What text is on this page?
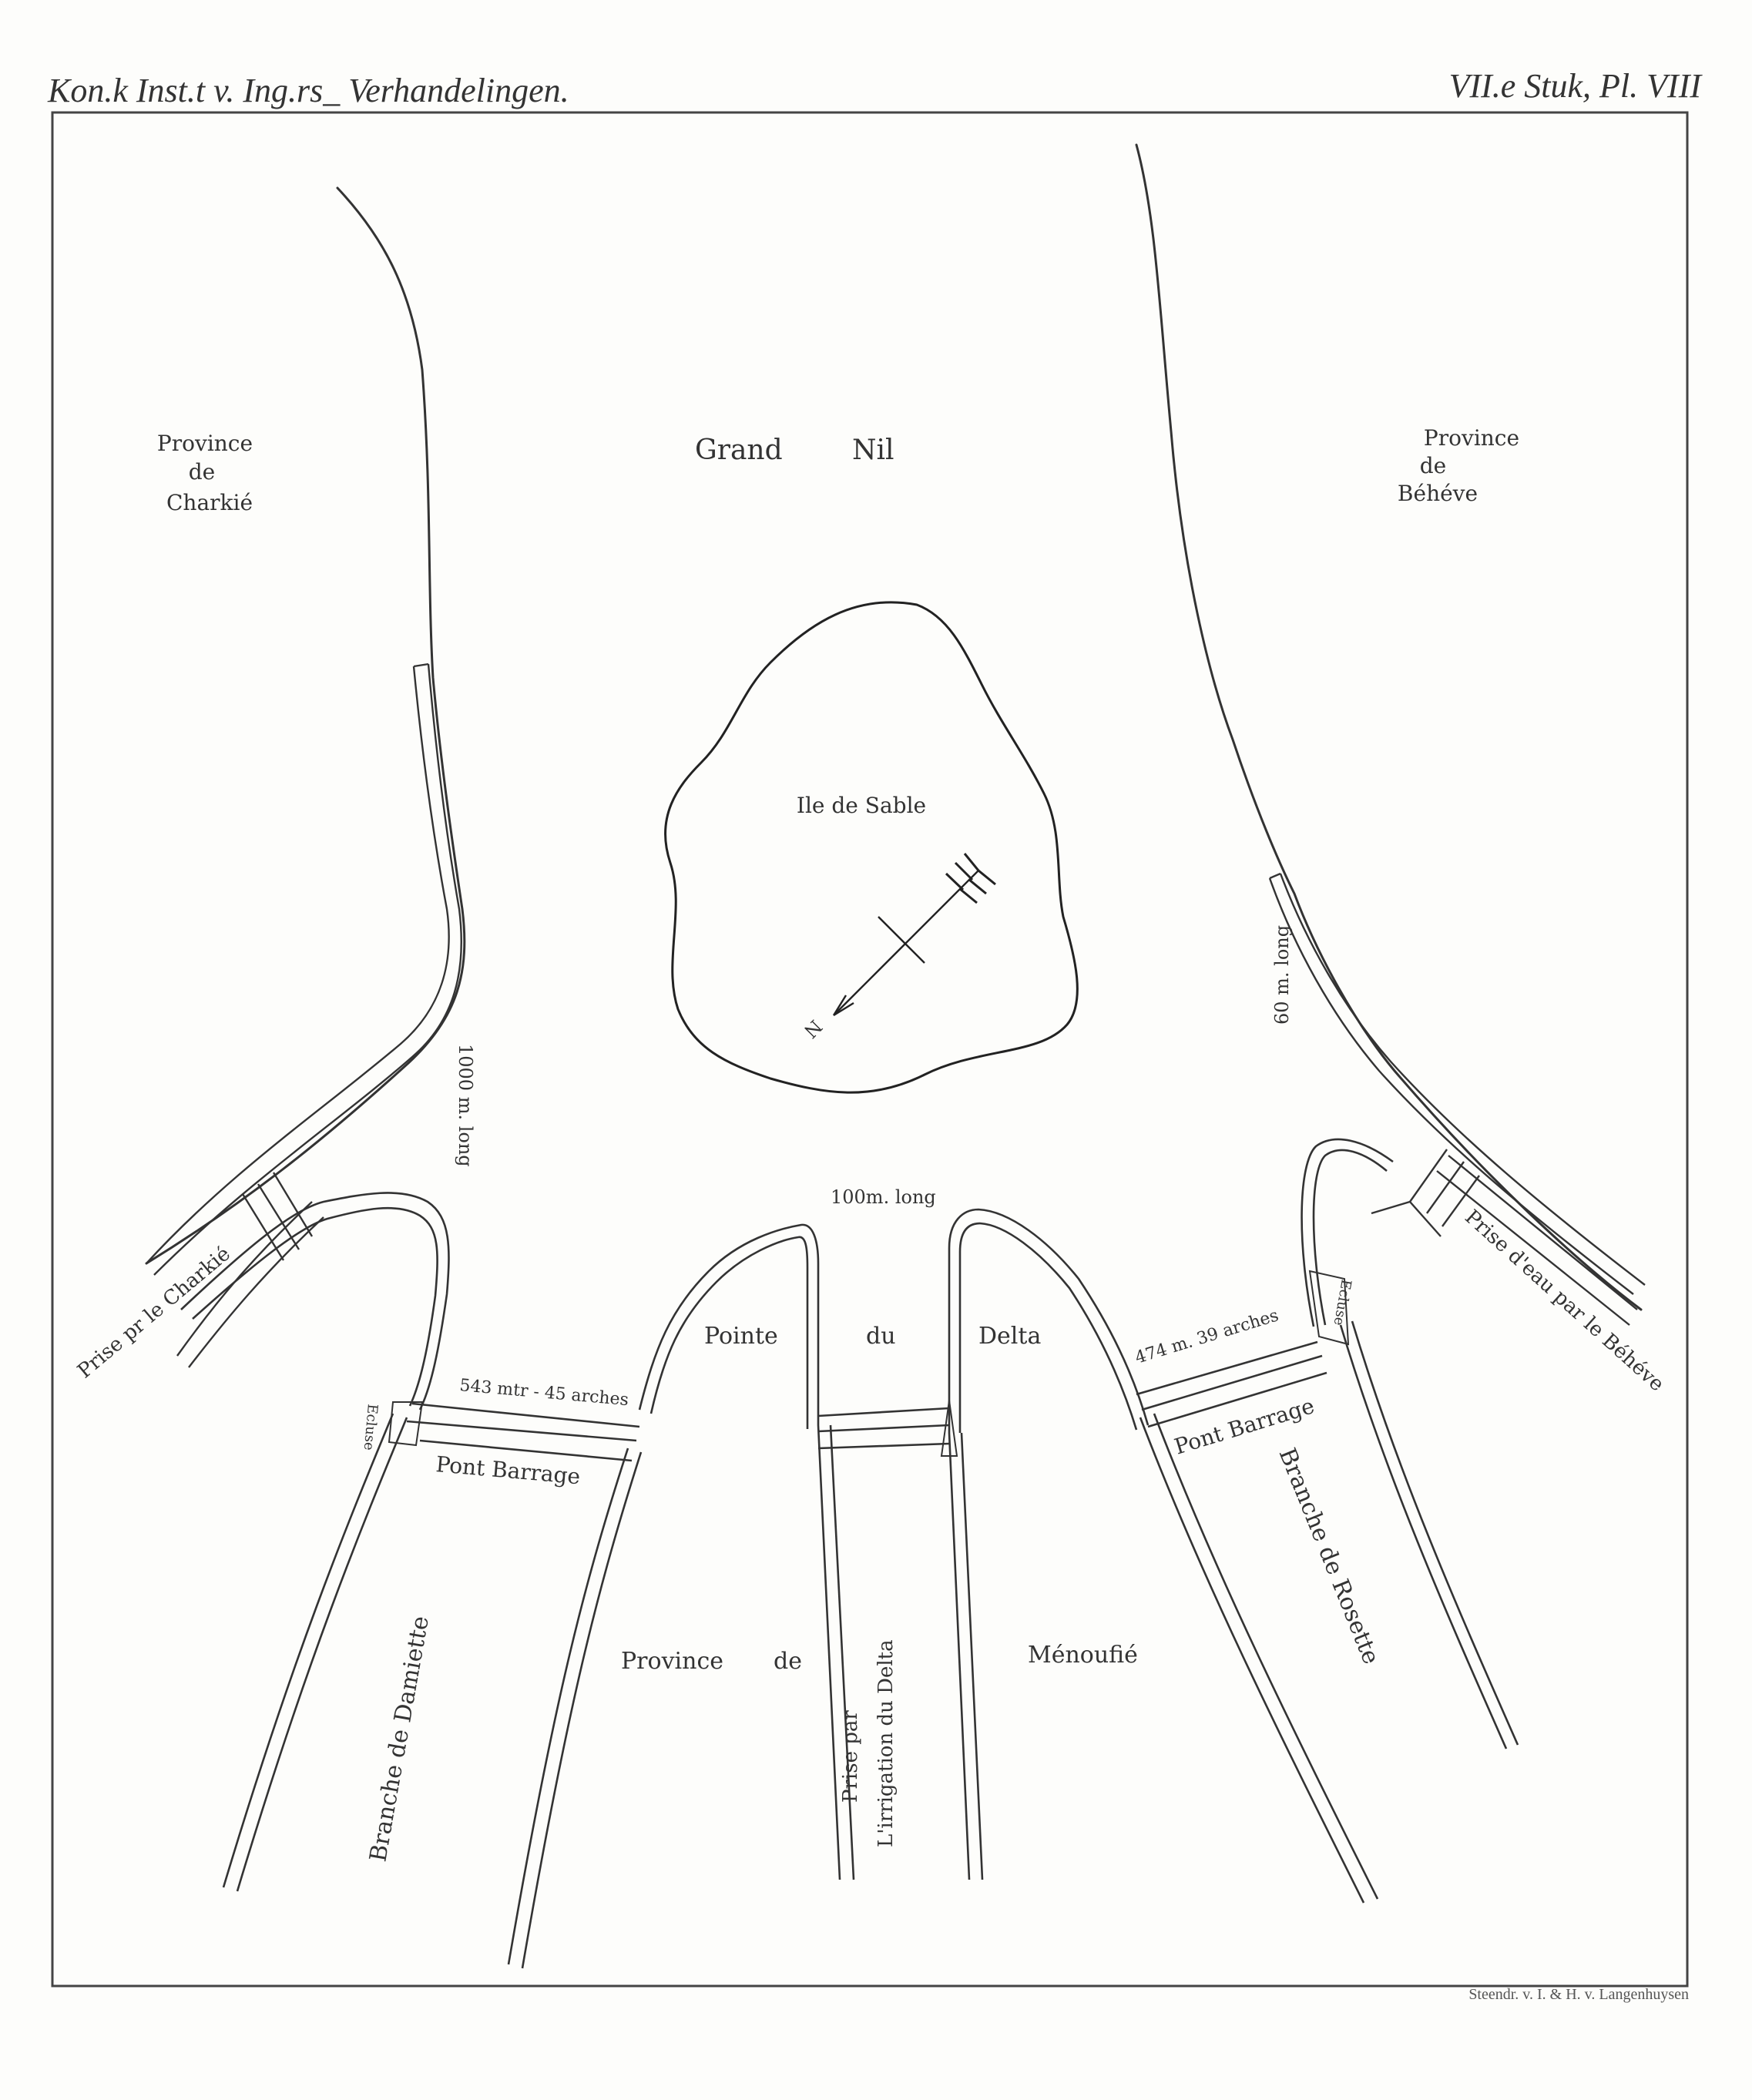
Kon.k Inst.t v. Ing.rs_ Verhandelingen.	VII.e Stuk, Pl. VIII
Province
de
Charkié
Grand	Nil	Province
de
Béhéve
Ile de Sable
N
1000 m. long
60 m. long
100m. long
Prise pr le Charkié	Prise d'eau par le Béhéve
Pointe	du	Delta
543 mtr - 45 arches
474 m. 39 arches
Pont Barrage
Pont Barrage
Ecluse
Ecluse
Branche de Damiette
Branche de Rosette
Province de	Ménoufié
Prise par L'irrigation du Delta
Steendr. v. I. & H. v. Langenhuysen
